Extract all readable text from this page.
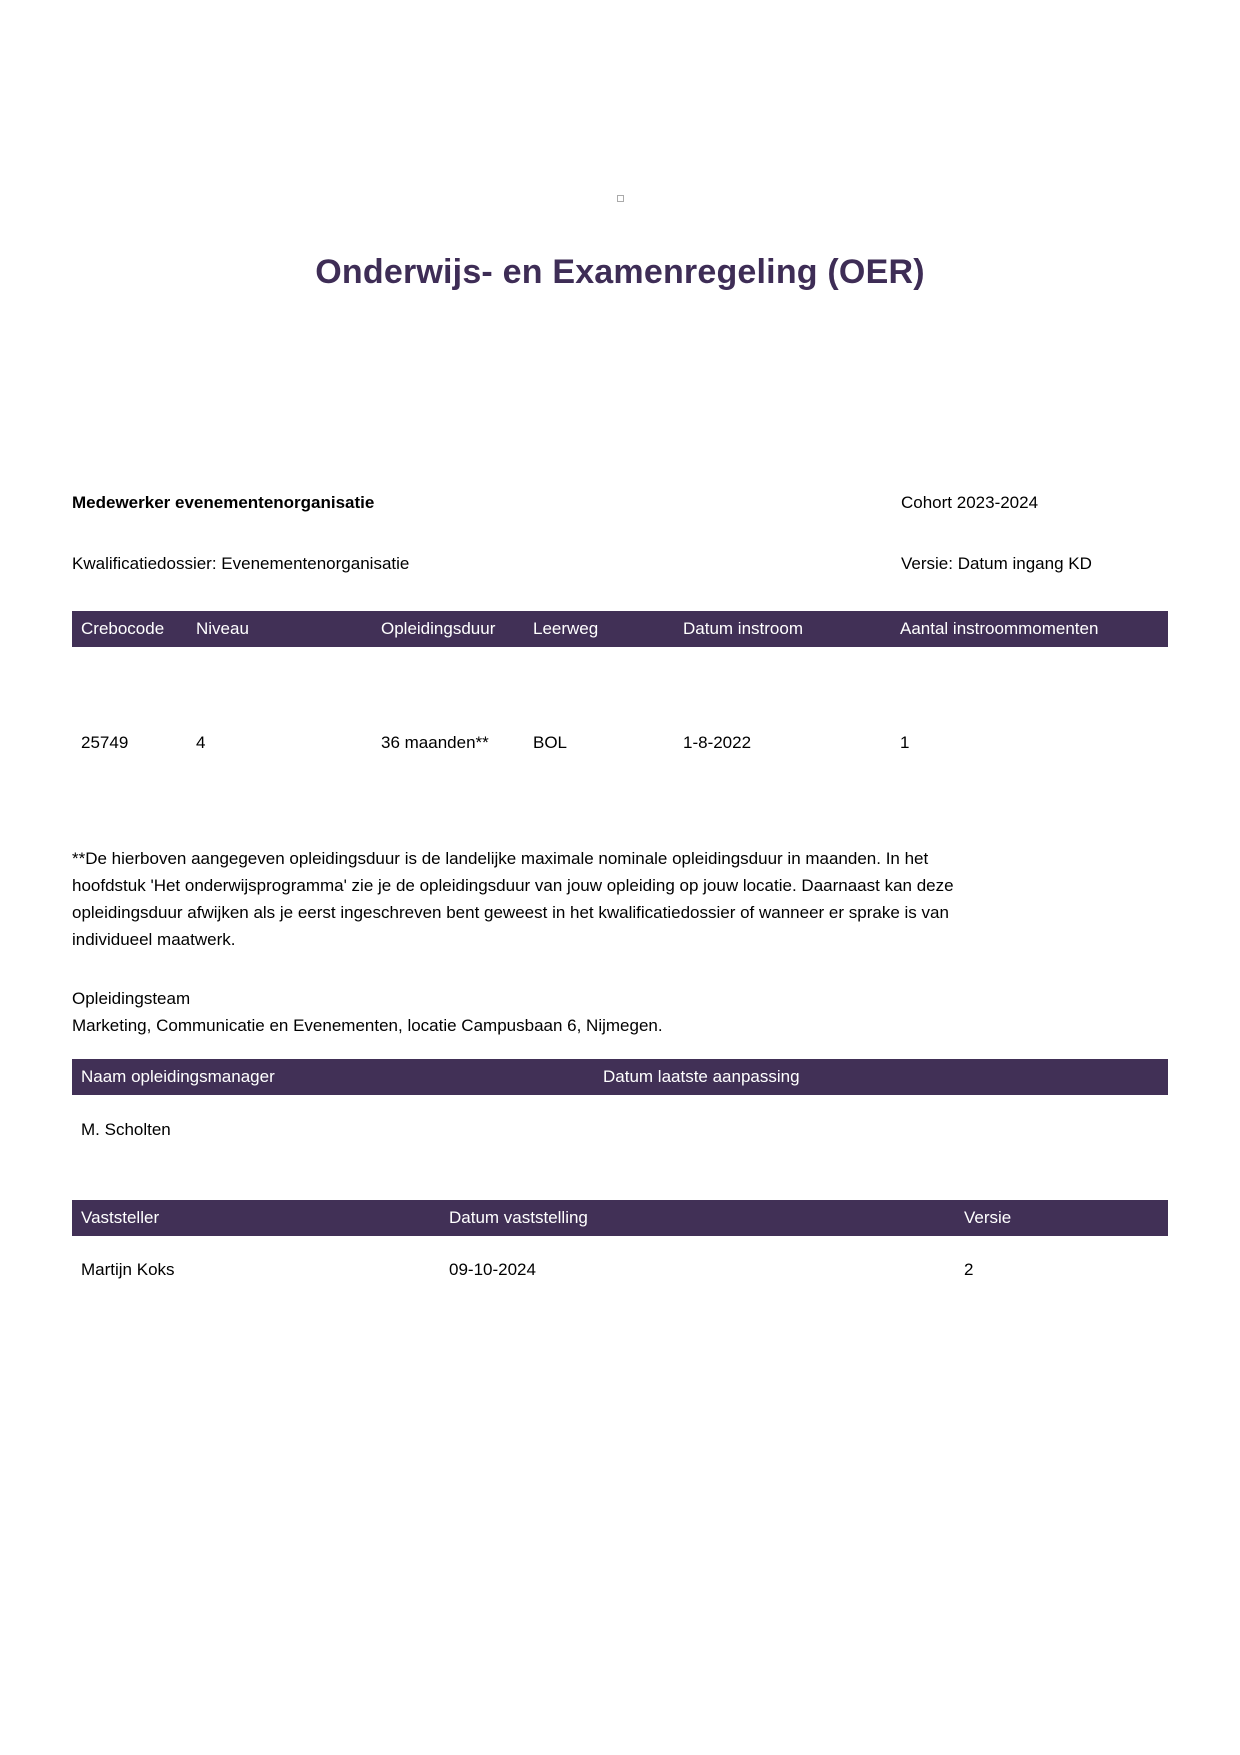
Onderwijs- en Examenregeling (OER)
Medewerker evenementenorganisatie	Cohort 2023-2024
Kwalificatiedossier: Evenementenorganisatie	Versie: Datum ingang KD
Crebocode	Niveau	Opleidingsduur	Leerweg	Datum instroom	Aantal instroommomenten
25749	4	36 maanden**	BOL	1-8-2022	1
**De hierboven aangegeven opleidingsduur is de landelijke maximale nominale opleidingsduur in maanden. In het
hoofdstuk 'Het onderwijsprogramma' zie je de opleidingsduur van jouw opleiding op jouw locatie. Daarnaast kan deze
opleidingsduur afwijken als je eerst ingeschreven bent geweest in het kwalificatiedossier of wanneer er sprake is van
individueel maatwerk.
Opleidingsteam
Marketing, Communicatie en Evenementen, locatie Campusbaan 6, Nijmegen.
Naam opleidingsmanager	Datum laatste aanpassing
M. Scholten
Vaststeller	Datum vaststelling	Versie
Martijn Koks	09-10-2024	2
